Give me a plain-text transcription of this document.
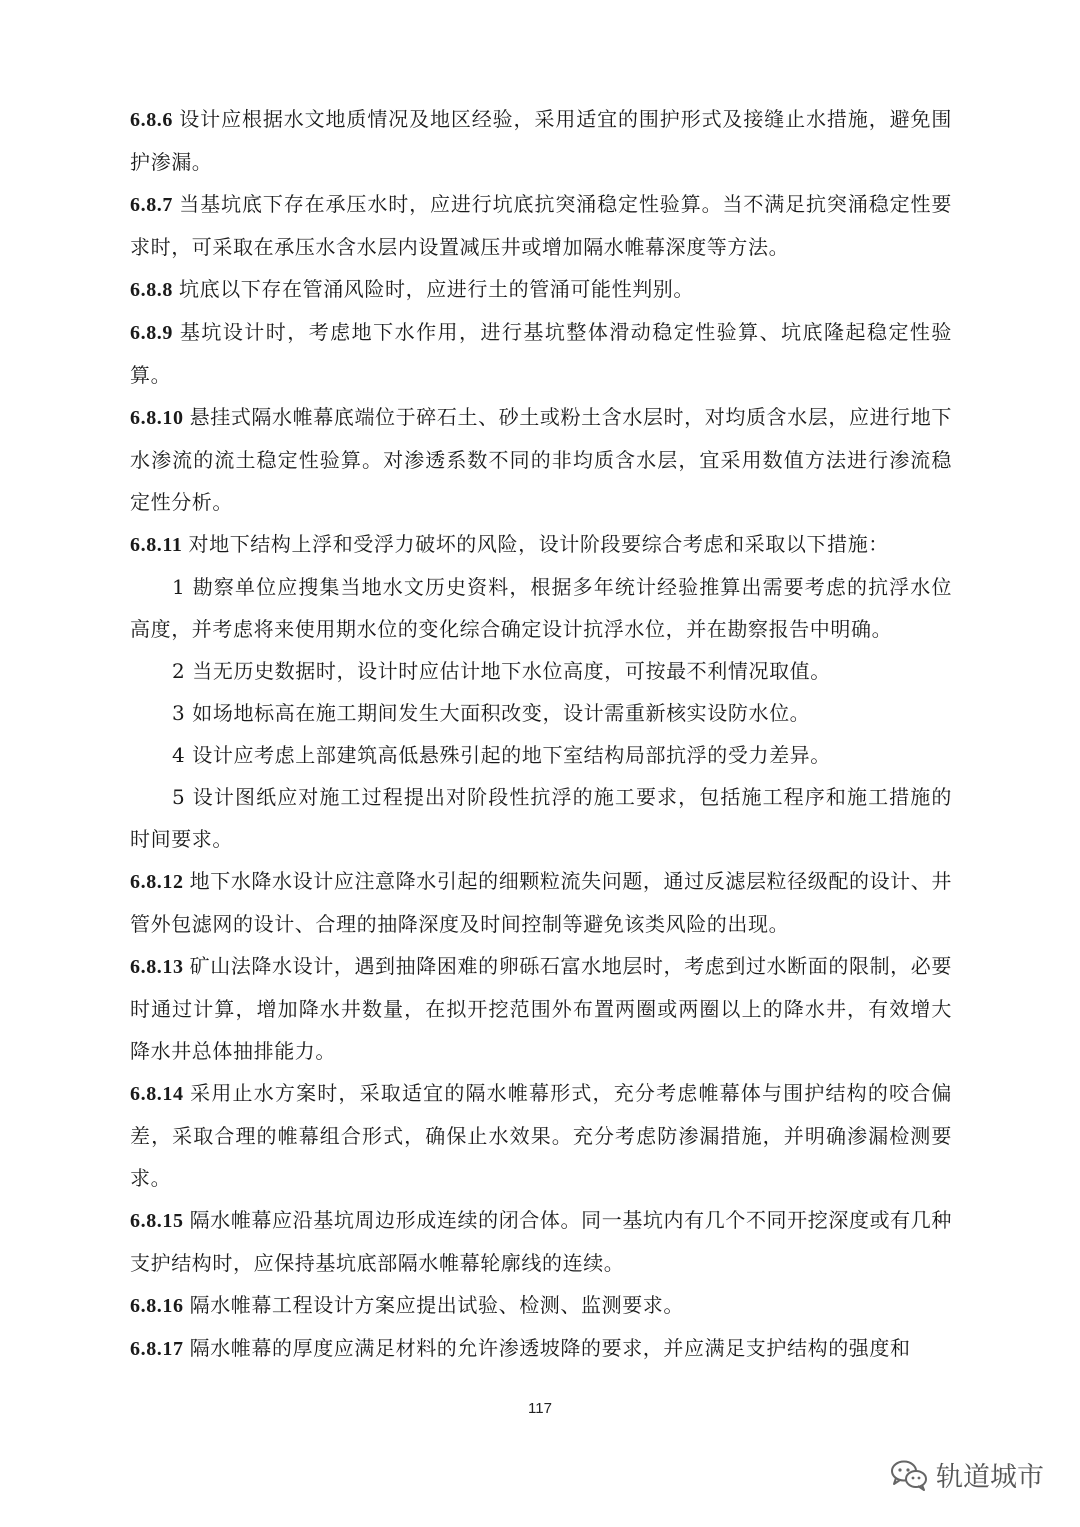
6.8.6 设计应根据水文地质情况及地区经验，采用适宜的围护形式及接缝止水措施，避免围护渗漏。

6.8.7 当基坑底下存在承压水时，应进行坑底抗突涌稳定性验算。当不满足抗突涌稳定性要求时，可采取在承压水含水层内设置减压井或增加隔水帷幕深度等方法。

6.8.8 坑底以下存在管涌风险时，应进行土的管涌可能性判别。

6.8.9 基坑设计时，考虑地下水作用，进行基坑整体滑动稳定性验算、坑底隆起稳定性验算。

6.8.10 悬挂式隔水帷幕底端位于碎石土、砂土或粉土含水层时，对均质含水层，应进行地下水渗流的流土稳定性验算。对渗透系数不同的非均质含水层，宜采用数值方法进行渗流稳定性分析。

6.8.11 对地下结构上浮和受浮力破坏的风险，设计阶段要综合考虑和采取以下措施：

1 勘察单位应搜集当地水文历史资料，根据多年统计经验推算出需要考虑的抗浮水位高度，并考虑将来使用期水位的变化综合确定设计抗浮水位，并在勘察报告中明确。

2 当无历史数据时，设计时应估计地下水位高度，可按最不利情况取值。

3 如场地标高在施工期间发生大面积改变，设计需重新核实设防水位。

4 设计应考虑上部建筑高低悬殊引起的地下室结构局部抗浮的受力差异。

5 设计图纸应对施工过程提出对阶段性抗浮的施工要求，包括施工程序和施工措施的时间要求。

6.8.12 地下水降水设计应注意降水引起的细颗粒流失问题，通过反滤层粒径级配的设计、井管外包滤网的设计、合理的抽降深度及时间控制等避免该类风险的出现。

6.8.13 矿山法降水设计，遇到抽降困难的卵砾石富水地层时，考虑到过水断面的限制，必要时通过计算，增加降水井数量，在拟开挖范围外布置两圈或两圈以上的降水井，有效增大降水井总体抽排能力。

6.8.14 采用止水方案时，采取适宜的隔水帷幕形式，充分考虑帷幕体与围护结构的咬合偏差，采取合理的帷幕组合形式，确保止水效果。充分考虑防渗漏措施，并明确渗漏检测要求。

6.8.15 隔水帷幕应沿基坑周边形成连续的闭合体。同一基坑内有几个不同开挖深度或有几种支护结构时，应保持基坑底部隔水帷幕轮廓线的连续。

6.8.16 隔水帷幕工程设计方案应提出试验、检测、监测要求。

6.8.17 隔水帷幕的厚度应满足材料的允许渗透坡降的要求，并应满足支护结构的强度和

117
轨道城市
